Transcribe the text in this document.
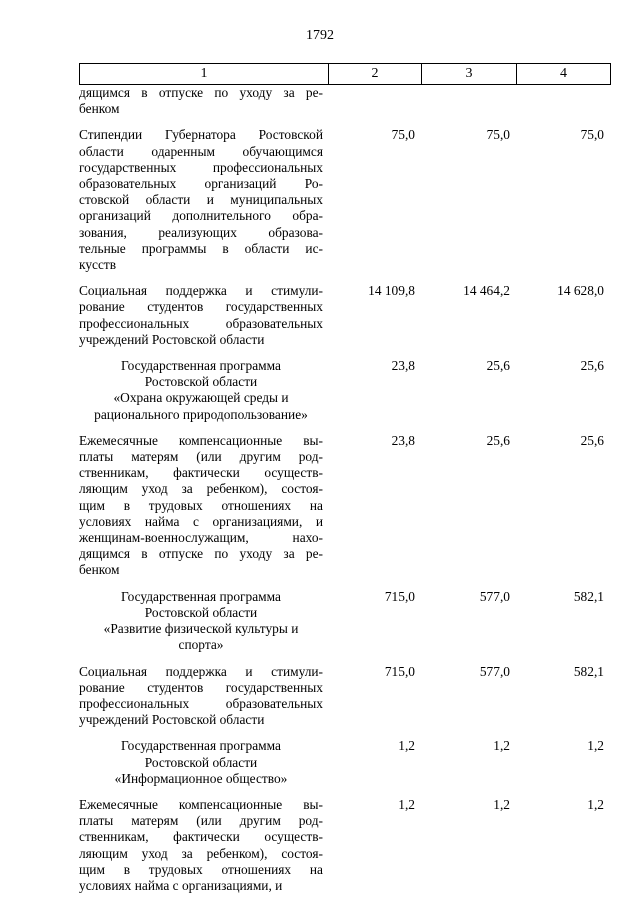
1792
1	2	3	4
дящимся в отпуске по уходу за ре-
бенком
Стипендии Губернатора Ростовской
области одаренным обучающимся
государственных профессиональных
образовательных организаций Ро-
стовской области и муниципальных
организаций дополнительного обра-
зования, реализующих образова-
тельные программы в области ис-
кусств
75,0	75,0	75,0
Социальная поддержка и стимули-
рование студентов государственных
профессиональных образовательных
учреждений Ростовской области
14 109,8	14 464,2	14 628,0
Государственная программа
Ростовской области
«Охрана окружающей среды и
рационального природопользование»
23,8	25,6	25,6
Ежемесячные компенсационные вы-
платы матерям (или другим род-
ственникам, фактически осуществ-
ляющим уход за ребенком), состоя-
щим в трудовых отношениях на
условиях найма с организациями, и
женщинам-военнослужащим, нахо-
дящимся в отпуске по уходу за ре-
бенком
23,8	25,6	25,6
Государственная программа
Ростовской области
«Развитие физической культуры и
спорта»
715,0	577,0	582,1
Социальная поддержка и стимули-
рование студентов государственных
профессиональных образовательных
учреждений Ростовской области
715,0	577,0	582,1
Государственная программа
Ростовской области
«Информационное общество»
1,2	1,2	1,2
Ежемесячные компенсационные вы-
платы матерям (или другим род-
ственникам, фактически осуществ-
ляющим уход за ребенком), состоя-
щим в трудовых отношениях на
условиях найма с организациями, и
1,2	1,2	1,2
